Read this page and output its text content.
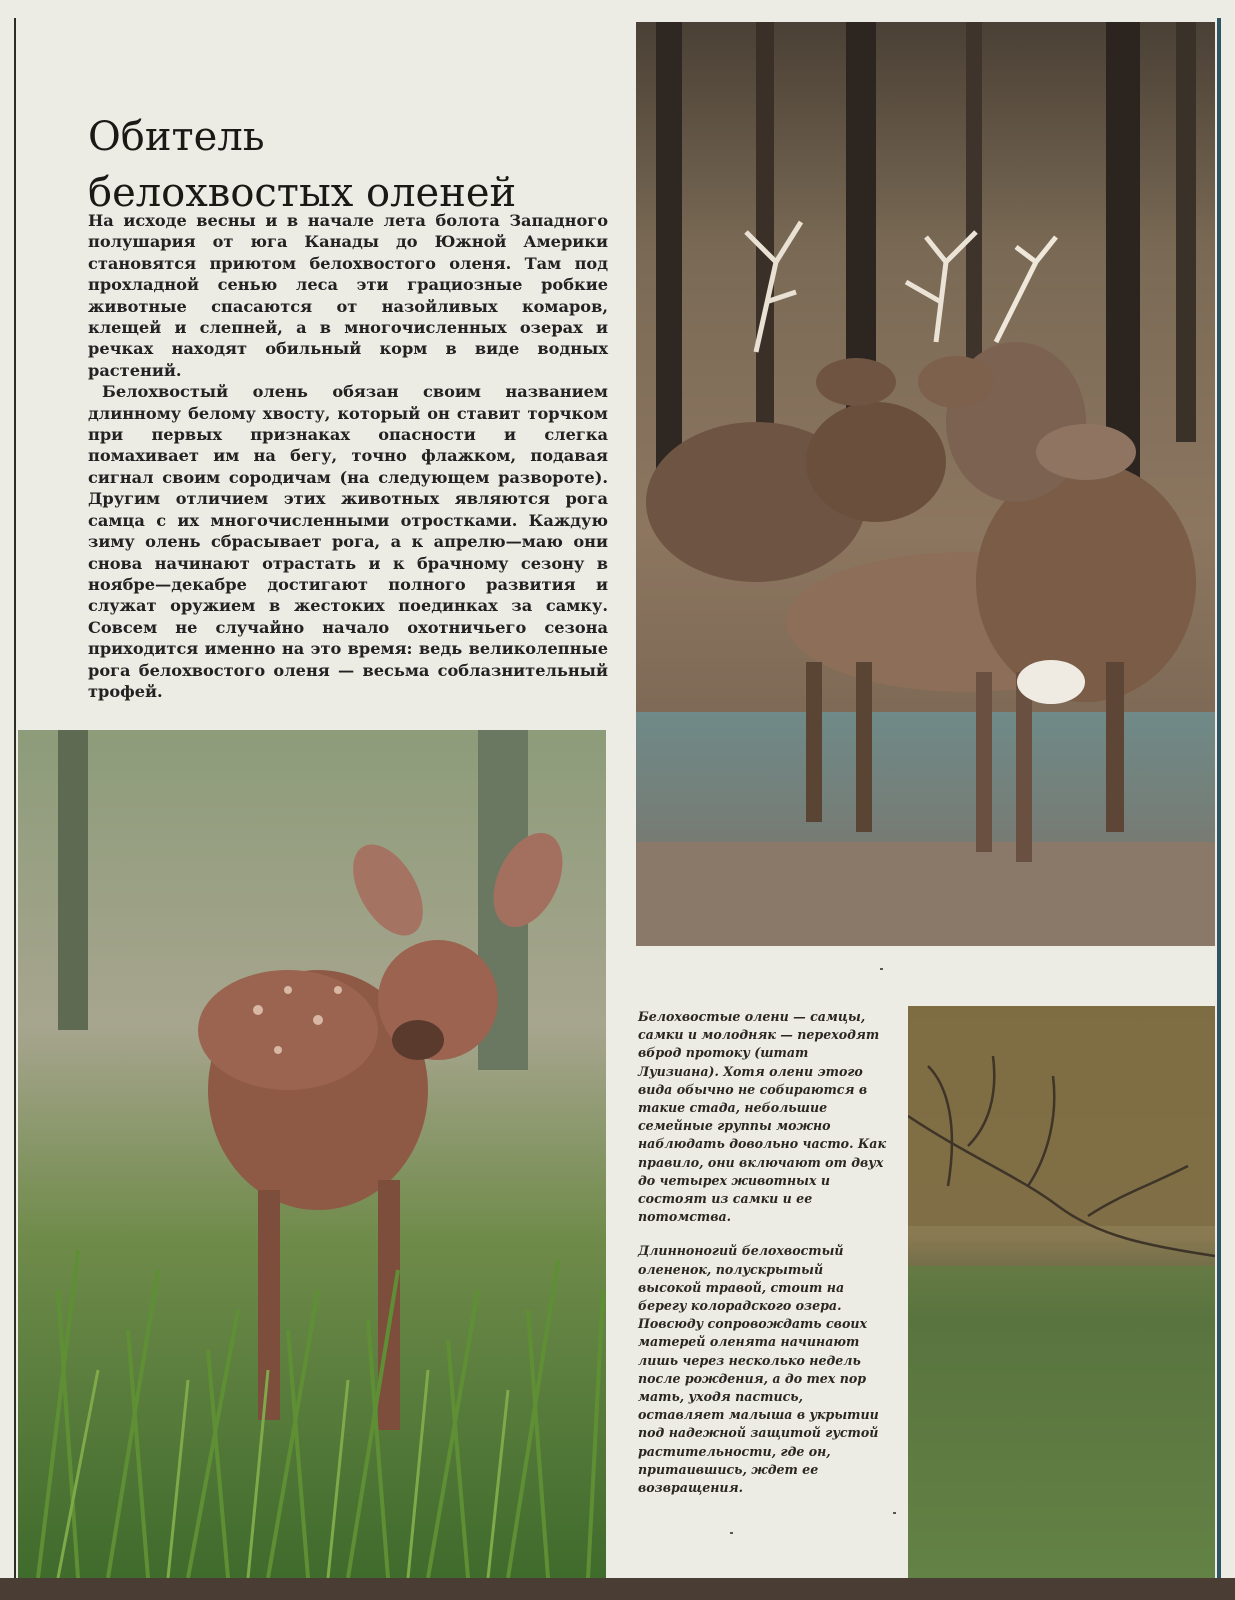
Обитель
белохвостых оленей

На исходе весны и в начале лета болота Западного полушария от юга Канады до Южной Америки становятся приютом белохвостого оленя. Там под прохладной сенью леса эти грациозные робкие животные спасаются от назойливых комаров, клещей и слепней, а в многочисленных озерах и речках находят обильный корм в виде водных растений.

Белохвостый олень обязан своим названием длинному белому хвосту, который он ставит торчком при первых признаках опасности и слегка помахивает им на бегу, точно флажком, подавая сигнал своим сородичам (на следующем развороте). Другим отличием этих животных являются рога самца с их многочисленными отростками. Каждую зиму олень сбрасывает рога, а к апрелю—маю они снова начинают отрастать и к брачному сезону в ноябре—декабре достигают полного развития и служат оружием в жестоких поединках за самку. Совсем не случайно начало охотничьего сезона приходится именно на это время: ведь великолепные рога белохвостого оленя — весьма соблазнительный трофей.

Белохвостые олени — самцы, самки и молодняк — переходят вброд протоку (штат Луизиана). Хотя олени этого вида обычно не собираются в такие стада, небольшие семейные группы можно наблюдать довольно часто. Как правило, они включают от двух до четырех животных и состоят из самки и ее потомства.

Длинноногий белохвостый олененок, полускрытый высокой травой, стоит на берегу колорадского озера. Повсюду сопровождать своих матерей оленята начинают лишь через несколько недель после рождения, а до тех пор мать, уходя пастись, оставляет малыша в укрытии под надежной защитой густой растительности, где он, притаившись, ждет ее возвращения.
